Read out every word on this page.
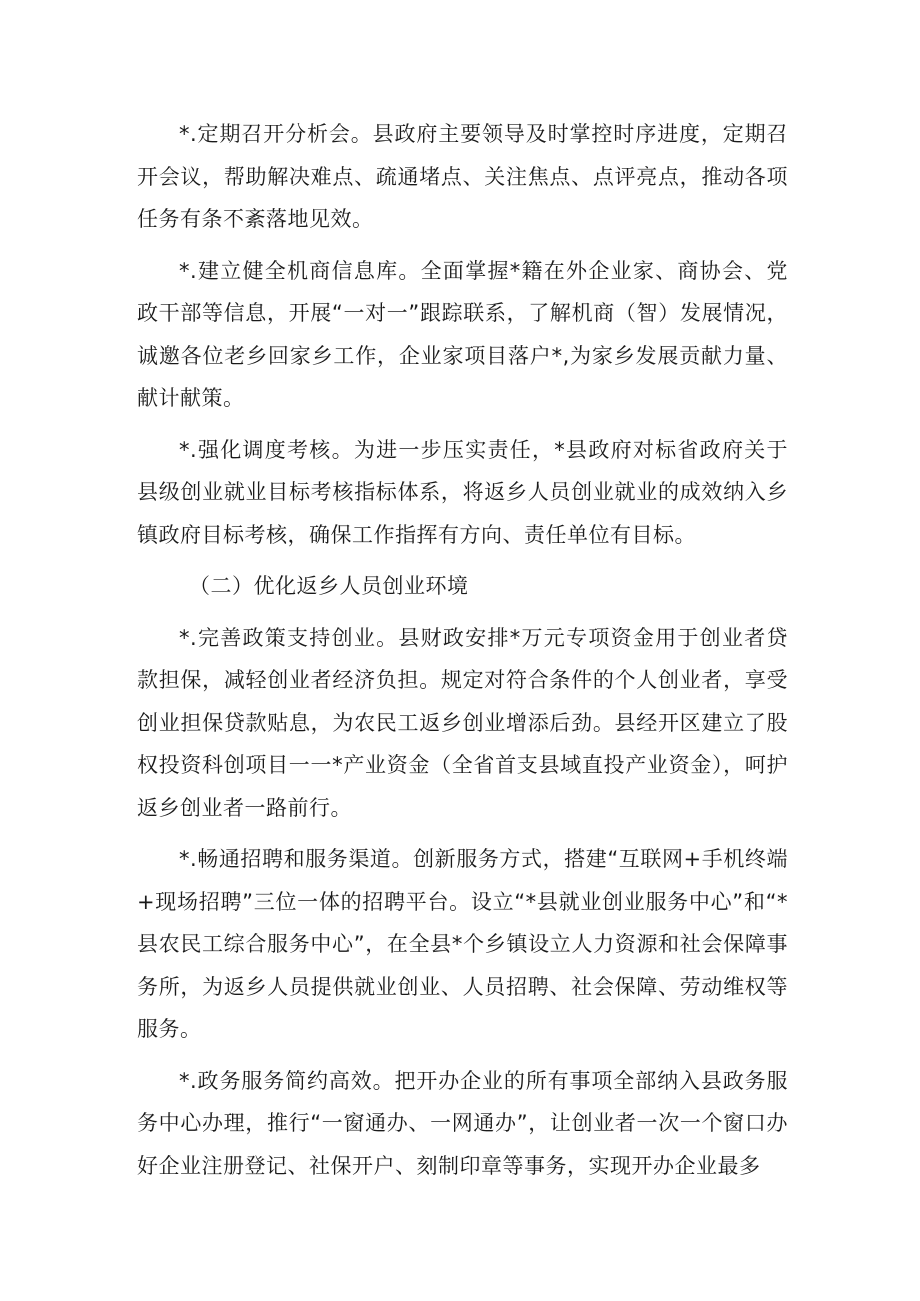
*.定期召开分析会。县政府主要领导及时掌控时序进度，定期召开会议，帮助解决难点、疏通堵点、关注焦点、点评亮点，推动各项任务有条不紊落地见效。

*.建立健全机商信息库。全面掌握*籍在外企业家、商协会、党政干部等信息，开展“一对一”跟踪联系，了解机商（智）发展情况，诚邀各位老乡回家乡工作，企业家项目落户*,为家乡发展贡献力量、献计献策。

*.强化调度考核。为进一步压实责任，*县政府对标省政府关于县级创业就业目标考核指标体系，将返乡人员创业就业的成效纳入乡镇政府目标考核，确保工作指挥有方向、责任单位有目标。

（二）优化返乡人员创业环境

*.完善政策支持创业。县财政安排*万元专项资金用于创业者贷款担保，减轻创业者经济负担。规定对符合条件的个人创业者，享受创业担保贷款贴息，为农民工返乡创业增添后劲。县经开区建立了股权投资科创项目一一*产业资金（全省首支县域直投产业资金），呵护返乡创业者一路前行。

*.畅通招聘和服务渠道。创新服务方式，搭建“互联网+手机终端+现场招聘”三位一体的招聘平台。设立“*县就业创业服务中心”和“*县农民工综合服务中心”，在全县*个乡镇设立人力资源和社会保障事务所，为返乡人员提供就业创业、人员招聘、社会保障、劳动维权等服务。

*.政务服务简约高效。把开办企业的所有事项全部纳入县政务服务中心办理，推行“一窗通办、一网通办”，让创业者一次一个窗口办好企业注册登记、社保开户、刻制印章等事务，实现开办企业最多
